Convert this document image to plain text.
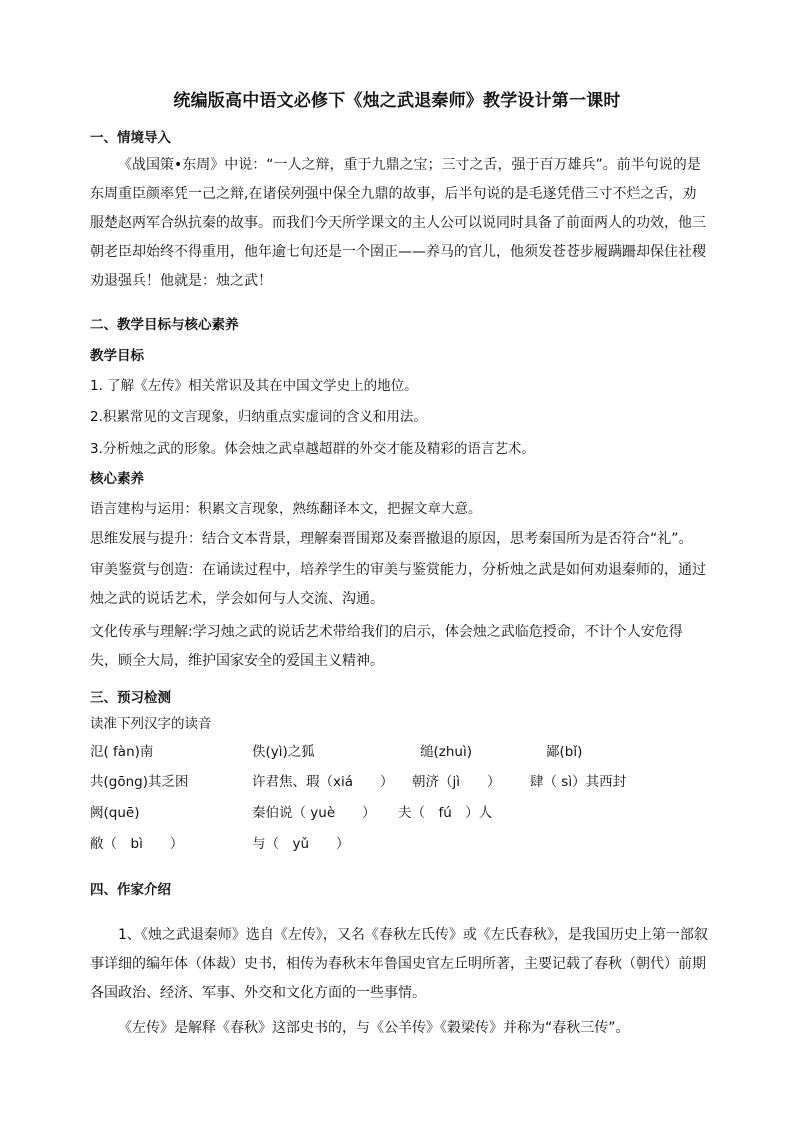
统编版高中语文必修下《烛之武退秦师》教学设计第一课时
一、情境导入
《战国策•东周》中说：“一人之辩，重于九鼎之宝；三寸之舌，强于百万雄兵”。前半句说的是东周重臣颜率凭一己之辩,在诸侯列强中保全九鼎的故事，后半句说的是毛遂凭借三寸不烂之舌，劝服楚赵两军合纵抗秦的故事。而我们今天所学课文的主人公可以说同时具备了前面两人的功效，他三朝老臣却始终不得重用，他年逾七旬还是一个圉正——养马的官儿，他须发苍苍步履蹒跚却保住社稷劝退强兵！他就是：烛之武！
二、教学目标与核心素养
教学目标
1. 了解《左传》相关常识及其在中国文学史上的地位。
2.积累常见的文言现象，归纳重点实虚词的含义和用法。
3.分析烛之武的形象。体会烛之武卓越超群的外交才能及精彩的语言艺术。
核心素养
语言建构与运用：积累文言现象，熟练翻译本文，把握文章大意。
思维发展与提升：结合文本背景，理解秦晋围郑及秦晋撤退的原因，思考秦国所为是否符合“礼”。
审美鉴赏与创造：在诵读过程中，培养学生的审美与鉴赏能力，分析烛之武是如何劝退秦师的，通过烛之武的说话艺术，学会如何与人交流、沟通。
文化传承与理解:学习烛之武的说话艺术带给我们的启示，体会烛之武临危授命，不计个人安危得失，顾全大局，维护国家安全的爱国主义精神。
三、预习检测
读准下列汉字的读音
氾( fàn)南	佚(yì)之狐	缒(zhuì)	鄙(bǐ)
共(gōng)其乏困	许君焦、瑕（xiá　　） 朝济（jì　　） 肆（ sì）其西封
阙(quē)	秦伯说（ yuè　　） 夫（　fú　）人
敝（　bì　　）	与（　yǔ　　）
四、作家介绍
1、《烛之武退秦师》选自《左传》，又名《春秋左氏传》或《左氏春秋》，是我国历史上第一部叙事详细的编年体（体裁）史书，相传为春秋末年鲁国史官左丘明所著，主要记载了春秋（朝代）前期各国政治、经济、军事、外交和文化方面的一些事情。
《左传》是解释《春秋》这部史书的，与《公羊传》《穀梁传》并称为“春秋三传”。
